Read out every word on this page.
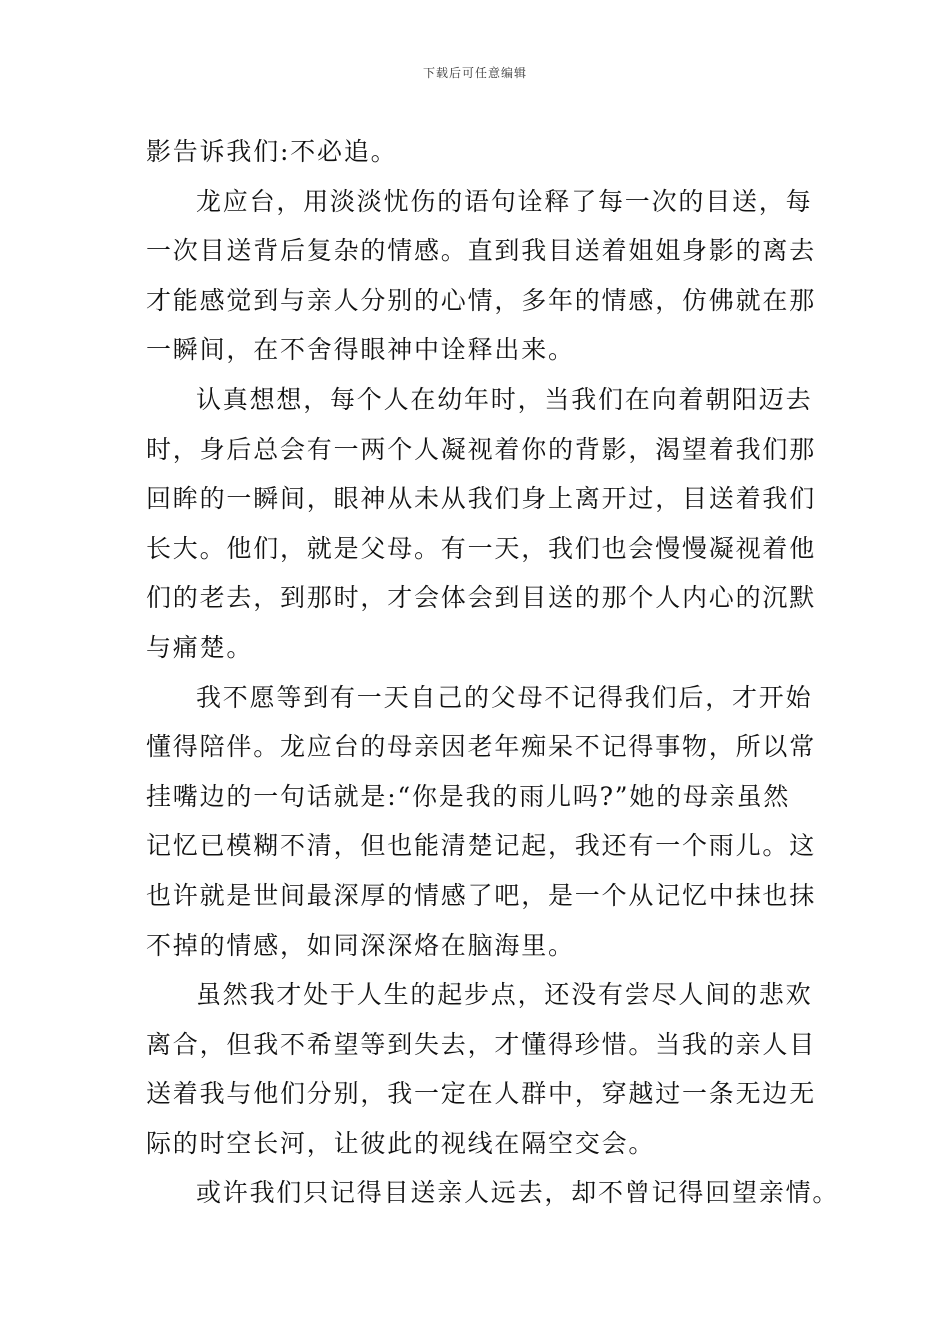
下载后可任意编辑
影告诉我们:不必追。
龙应台，用淡淡忧伤的语句诠释了每一次的目送，每
一次目送背后复杂的情感。直到我目送着姐姐身影的离去
才能感觉到与亲人分别的心情，多年的情感，仿佛就在那
一瞬间，在不舍得眼神中诠释出来。
认真想想，每个人在幼年时，当我们在向着朝阳迈去
时，身后总会有一两个人凝视着你的背影，渴望着我们那
回眸的一瞬间，眼神从未从我们身上离开过，目送着我们
长大。他们，就是父母。有一天，我们也会慢慢凝视着他
们的老去，到那时，才会体会到目送的那个人内心的沉默
与痛楚。
我不愿等到有一天自己的父母不记得我们后，才开始
懂得陪伴。龙应台的母亲因老年痴呆不记得事物，所以常
挂嘴边的一句话就是:“你是我的雨儿吗?”她的母亲虽然
记忆已模糊不清，但也能清楚记起，我还有一个雨儿。这
也许就是世间最深厚的情感了吧，是一个从记忆中抹也抹
不掉的情感，如同深深烙在脑海里。
虽然我才处于人生的起步点，还没有尝尽人间的悲欢
离合，但我不希望等到失去，才懂得珍惜。当我的亲人目
送着我与他们分别，我一定在人群中，穿越过一条无边无
际的时空长河，让彼此的视线在隔空交会。
或许我们只记得目送亲人远去，却不曾记得回望亲情。
